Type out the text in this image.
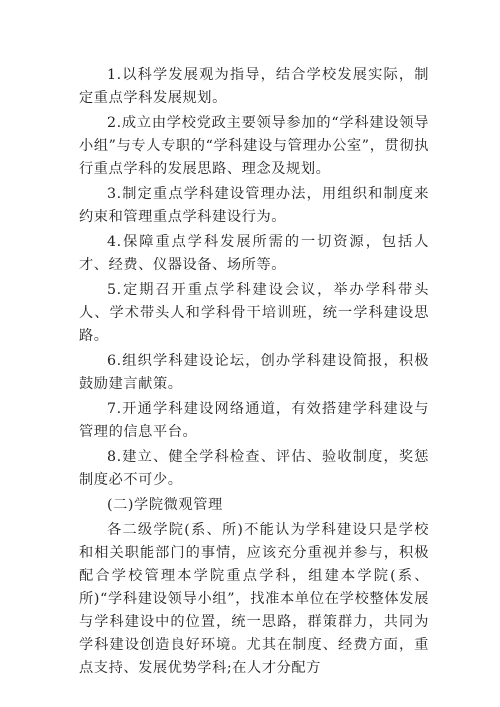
1.以科学发展观为指导，结合学校发展实际，制定重点学科发展规划。

2.成立由学校党政主要领导参加的“学科建设领导小组”与专人专职的“学科建设与管理办公室”，贯彻执行重点学科的发展思路、理念及规划。

3.制定重点学科建设管理办法，用组织和制度来约束和管理重点学科建设行为。

4.保障重点学科发展所需的一切资源，包括人才、经费、仪器设备、场所等。

5.定期召开重点学科建设会议，举办学科带头人、学术带头人和学科骨干培训班，统一学科建设思路。

6.组织学科建设论坛，创办学科建设简报，积极鼓励建言献策。

7.开通学科建设网络通道，有效搭建学科建设与管理的信息平台。

8.建立、健全学科检查、评估、验收制度，奖惩制度必不可少。

(二)学院微观管理

各二级学院(系、所)不能认为学科建设只是学校和相关职能部门的事情，应该充分重视并参与，积极配合学校管理本学院重点学科，组建本学院(系、所)“学科建设领导小组”，找准本单位在学校整体发展与学科建设中的位置，统一思路，群策群力，共同为学科建设创造良好环境。尤其在制度、经费方面，重点支持、发展优势学科;在人才分配方
